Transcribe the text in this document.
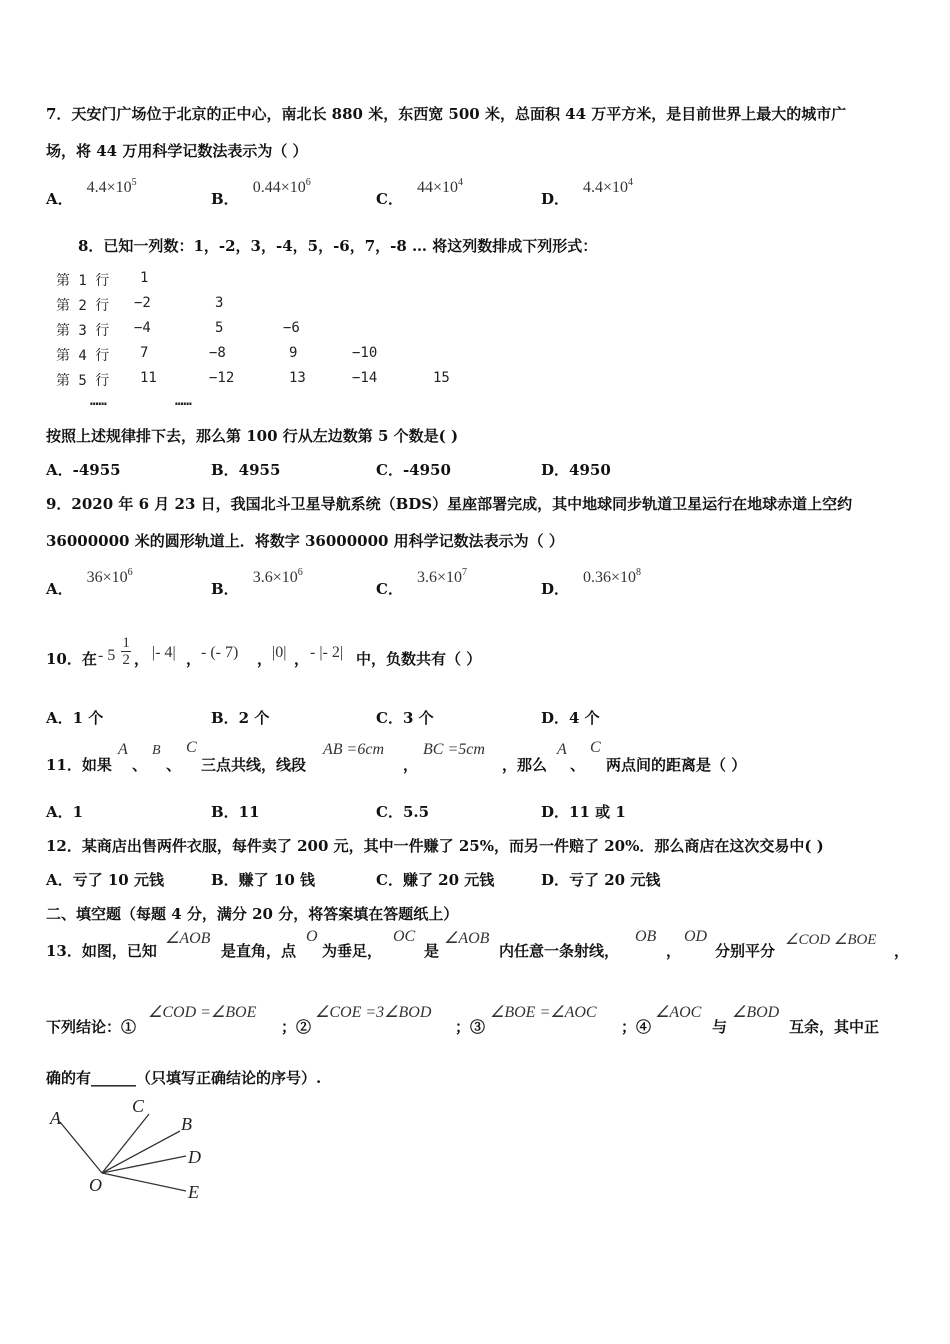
7．天安门广场位于北京的正中心，南北长 880 米，东西宽 500 米，总面积 44 万平方米，是目前世界上最大的城市广
场，将 44 万用科学记数法表示为（ ）
A．$4.4\times 10^5$
B．$0.44\times 10^6$
C．$44\times 10^4$
D．$4.4\times 10^4$
8．已知一列数：1，-2，3，-4，5，-6，7，-8 … 将这列数排成下列形式：
第 1 行 1
第 2 行 −2	3
第 3 行 −4	5	−6
第 4 行 7	−8	9	−10
第 5 行 11	−12	13	−14	15
……	……
按照上述规律排下去，那么第 100 行从左边数第 5 个数是( )
A．-4955	B．4955	C．-4950	D．4950
9．2020 年 6 月 23 日，我国北斗卫星导航系统（BDS）星座部署完成，其中地球同步轨道卫星运行在地球赤道上空约
36000000 米的圆形轨道上．将数字 36000000 用科学记数法表示为（ ）
A．$36\times 10^6$
B．$3.6\times 10^6$
C．$3.6\times 10^7$
D．$0.36\times 10^8$
10．在 - $5 \frac{1}{2}$ ， |- 4| ， - (- 7) ， |0| ， - |- 2| 中，负数共有（ ）
A．1 个	B．2 个	C．3 个	D．4 个
11．如果
A
、
B
、
C
三点共线，线段
AB =6cm
，
BC =5cm
，那么
A
、
C
两点间的距离是（ ）
A．1	B．11	C．5.5	D．11 或 1
12．某商店出售两件衣服，每件卖了 200 元，其中一件赚了 25%，而另一件赔了 20%．那么商店在这次交易中( )
A．亏了 10 元钱	B．赚了 10 钱	C．赚了 20 元钱	D．亏了 20 元钱
二、填空题（每题 4 分，满分 20 分，将答案填在答题纸上）
13．如图，已知
∠AOB
是直角，点
O
为垂足，
OC
是
∠AOB
内任意一条射线，
OB
，
OD
分别平分
∠COD ∠BOE
，
下列结论：①
∠COD =∠BOE
；②
∠COE =3∠BOD
；③
∠BOE =∠AOC
；④
∠AOC
与
∠BOD
互余，其中正
确的有______（只填写正确结论的序号）.
A
C
B
D
E
O
